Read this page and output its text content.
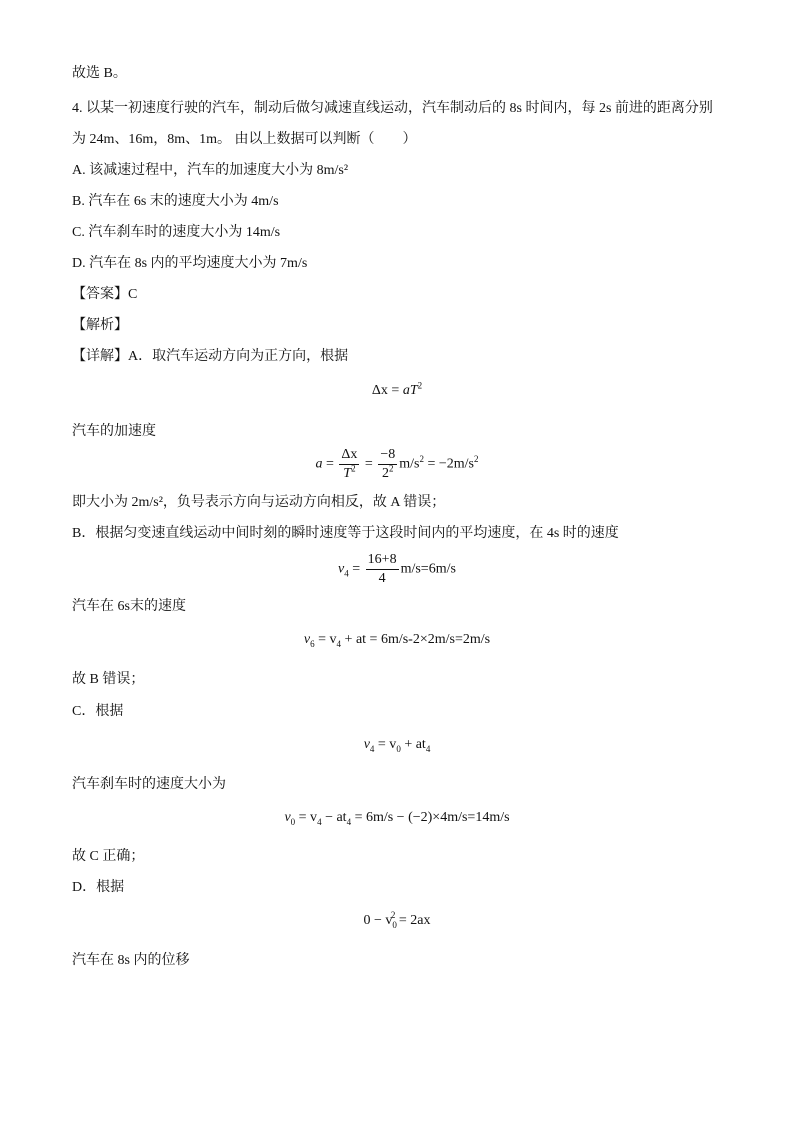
故选 B。
4. 以某一初速度行驶的汽车，制动后做匀减速直线运动，汽车制动后的 8s 时间内，每 2s 前进的距离分别
为 24m、16m，8m、1m。 由以上数据可以判断（　　）
A. 该减速过程中，汽车的加速度大小为 8m/s²
B. 汽车在 6s 末的速度大小为 4m/s
C. 汽车刹车时的速度大小为 14m/s
D. 汽车在 8s 内的平均速度大小为 7m/s
【答案】C
【解析】
【详解】A．取汽车运动方向为正方向，根据
$\Delta x = aT^2$
汽车的加速度
$a = \frac{\Delta x}{T^2} = \frac{-8}{2^2} m/s^2 = -2m/s^2$
即大小为 2m/s²，负号表示方向与运动方向相反，故 A 错误；
B．根据匀变速直线运动中间时刻的瞬时速度等于这段时间内的平均速度，在 4s 时的速度
$v_4 = \frac{16+8}{4} m/s=6m/s$
汽车在 6s末的速度
$v_6 = v_4$ + at = 6m/s-2×2m/s=2m/s
故 B 错误；
C．根据
$v_4 = v_0 + at_4$
汽车刹车时的速度大小为
$v_0 = v_4 - at_4 = 6m/s - (-2)\times 4m/s=14m/s$
故 C 正确；
D．根据
$0 - v_0^2 = 2ax$
汽车在 8s 内的位移
